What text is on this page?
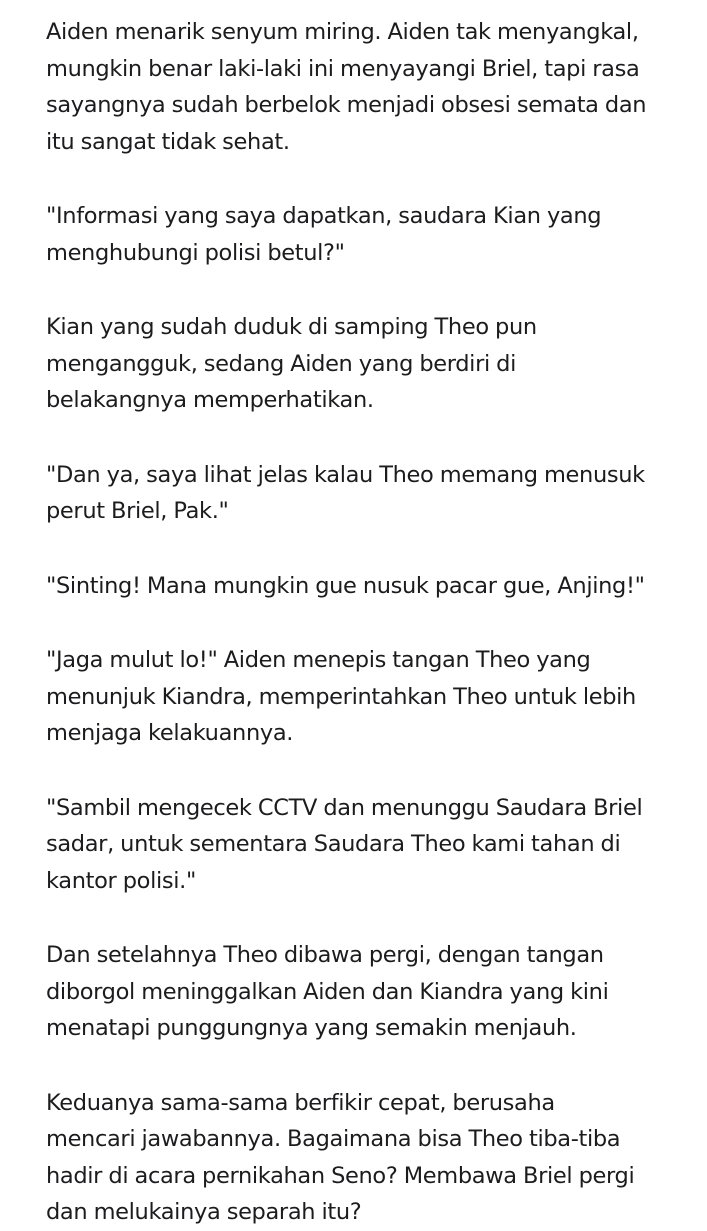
Aiden menarik senyum miring. Aiden tak menyangkal,
mungkin benar laki-laki ini menyayangi Briel, tapi rasa
sayangnya sudah berbelok menjadi obsesi semata dan
itu sangat tidak sehat.

"Informasi yang saya dapatkan, saudara Kian yang
menghubungi polisi betul?"

Kian yang sudah duduk di samping Theo pun
mengangguk, sedang Aiden yang berdiri di
belakangnya memperhatikan.

"Dan ya, saya lihat jelas kalau Theo memang menusuk
perut Briel, Pak."

"Sinting! Mana mungkin gue nusuk pacar gue, Anjing!"

"Jaga mulut lo!" Aiden menepis tangan Theo yang
menunjuk Kiandra, memperintahkan Theo untuk lebih
menjaga kelakuannya.

"Sambil mengecek CCTV dan menunggu Saudara Briel
sadar, untuk sementara Saudara Theo kami tahan di
kantor polisi."

Dan setelahnya Theo dibawa pergi, dengan tangan
diborgol meninggalkan Aiden dan Kiandra yang kini
menatapi punggungnya yang semakin menjauh.

Keduanya sama-sama berfikir cepat, berusaha
mencari jawabannya. Bagaimana bisa Theo tiba-tiba
hadir di acara pernikahan Seno? Membawa Briel pergi
dan melukainya separah itu?
